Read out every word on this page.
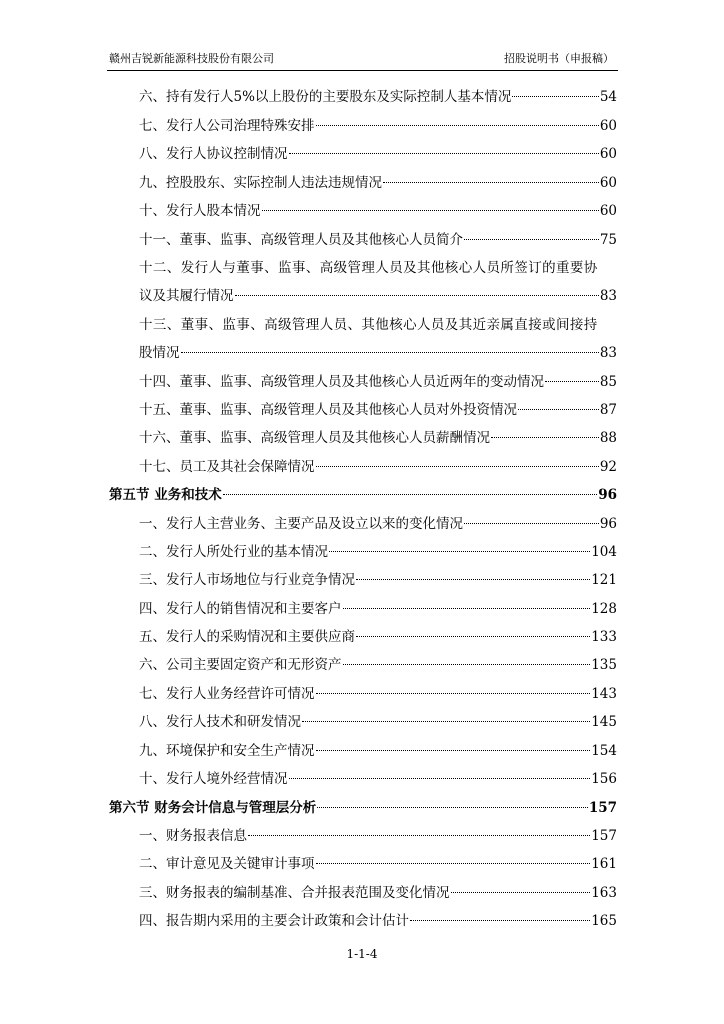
赣州吉锐新能源科技股份有限公司	招股说明书（申报稿）
六、持有发行人5%以上股份的主要股东及实际控制人基本情况	54
七、发行人公司治理特殊安排	60
八、发行人协议控制情况	60
九、控股股东、实际控制人违法违规情况	60
十、发行人股本情况	60
十一、董事、监事、高级管理人员及其他核心人员简介	75
十二、发行人与董事、监事、高级管理人员及其他核心人员所签订的重要协
议及其履行情况	83
十三、董事、监事、高级管理人员、其他核心人员及其近亲属直接或间接持
股情况	83
十四、董事、监事、高级管理人员及其他核心人员近两年的变动情况	85
十五、董事、监事、高级管理人员及其他核心人员对外投资情况	87
十六、董事、监事、高级管理人员及其他核心人员薪酬情况	88
十七、员工及其社会保障情况	92
第五节 业务和技术	96
一、发行人主营业务、主要产品及设立以来的变化情况	96
二、发行人所处行业的基本情况	104
三、发行人市场地位与行业竞争情况	121
四、发行人的销售情况和主要客户	128
五、发行人的采购情况和主要供应商	133
六、公司主要固定资产和无形资产	135
七、发行人业务经营许可情况	143
八、发行人技术和研发情况	145
九、环境保护和安全生产情况	154
十、发行人境外经营情况	156
第六节 财务会计信息与管理层分析	157
一、财务报表信息	157
二、审计意见及关键审计事项	161
三、财务报表的编制基准、合并报表范围及变化情况	163
四、报告期内采用的主要会计政策和会计估计	165
1-1-4
